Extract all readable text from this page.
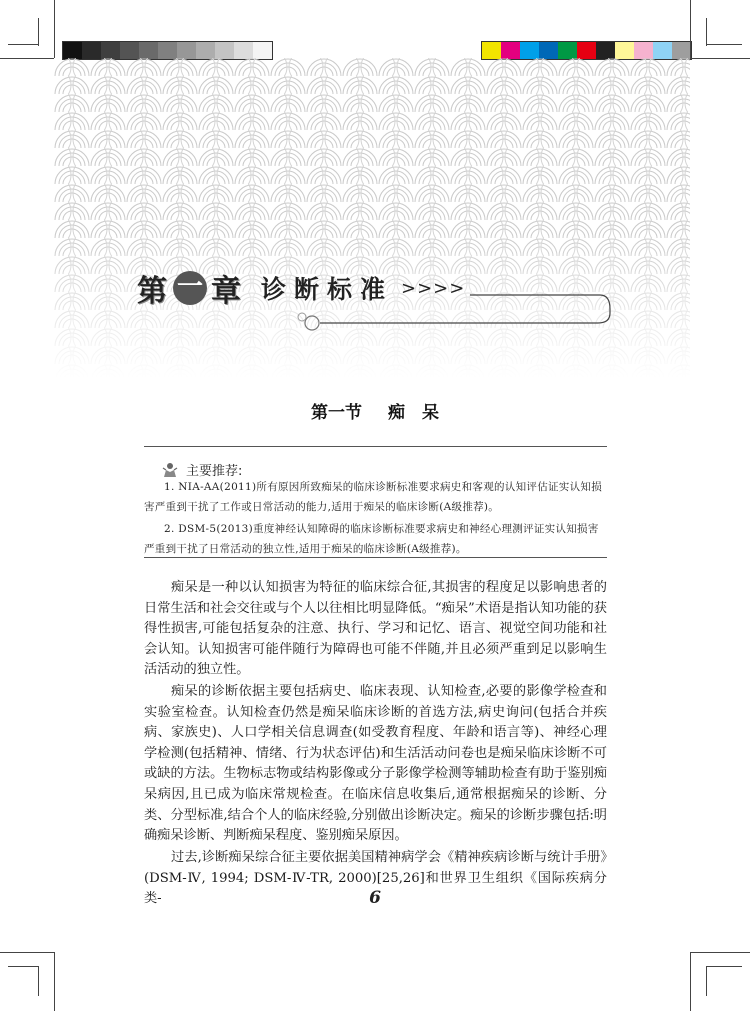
第 一 章 诊断标准 >>>>
第一节 痴　呆
主要推荐:
1. NIA-AA(2011)所有原因所致痴呆的临床诊断标准要求病史和客观的认知评估证实认知损害严重到干扰了工作或日常活动的能力,适用于痴呆的临床诊断(A级推荐)。
2. DSM-5(2013)重度神经认知障碍的临床诊断标准要求病史和神经心理测评证实认知损害严重到干扰了日常活动的独立性,适用于痴呆的临床诊断(A级推荐)。
痴呆是一种以认知损害为特征的临床综合征,其损害的程度足以影响患者的日常生活和社会交往或与个人以往相比明显降低。“痴呆”术语是指认知功能的获得性损害,可能包括复杂的注意、执行、学习和记忆、语言、视觉空间功能和社会认知。认知损害可能伴随行为障碍也可能不伴随,并且必须严重到足以影响生活活动的独立性。
痴呆的诊断依据主要包括病史、临床表现、认知检查,必要的影像学检查和实验室检查。认知检查仍然是痴呆临床诊断的首选方法,病史询问(包括合并疾病、家族史)、人口学相关信息调查(如受教育程度、年龄和语言等)、神经心理学检测(包括精神、情绪、行为状态评估)和生活活动问卷也是痴呆临床诊断不可或缺的方法。生物标志物或结构影像或分子影像学检测等辅助检查有助于鉴别痴呆病因,且已成为临床常规检查。在临床信息收集后,通常根据痴呆的诊断、分类、分型标准,结合个人的临床经验,分别做出诊断决定。痴呆的诊断步骤包括:明确痴呆诊断、判断痴呆程度、鉴别痴呆原因。
过去,诊断痴呆综合征主要依据美国精神病学会《精神疾病诊断与统计手册》(DSM-Ⅳ, 1994; DSM-Ⅳ-TR, 2000)[25,26]和世界卫生组织《国际疾病分类-	6
